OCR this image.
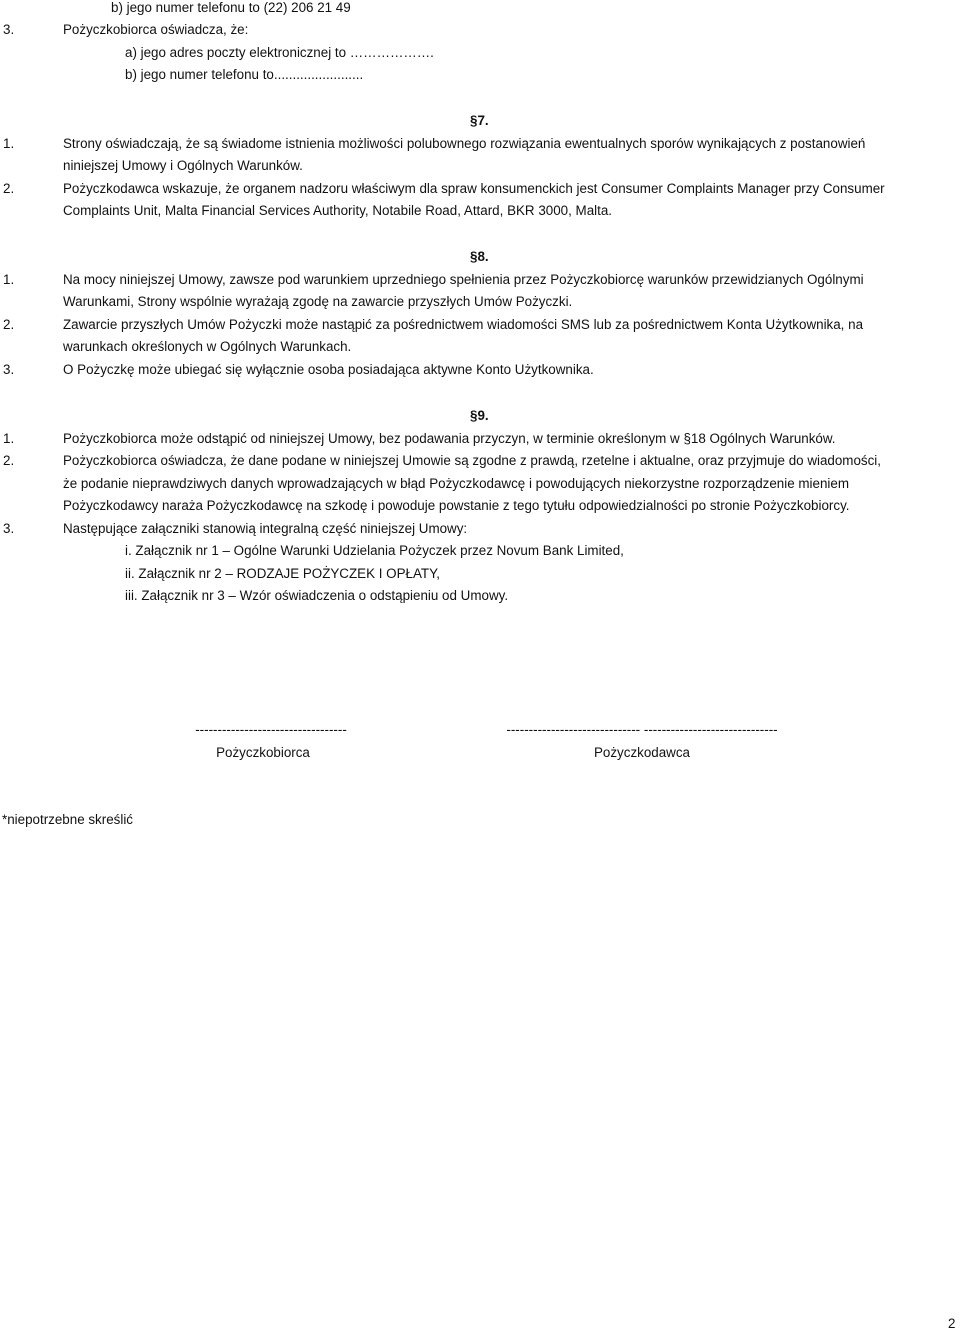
b) jego numer telefonu to (22) 206 21 49
3.	Pożyczkobiorca oświadcza, że:
a) jego adres poczty elektronicznej to ……………….
b) jego numer telefonu to........................
§7.
1.	Strony oświadczają, że są świadome istnienia możliwości polubownego rozwiązania ewentualnych sporów wynikających z postanowień
niniejszej Umowy i Ogólnych Warunków.
2.	Pożyczkodawca wskazuje, że organem nadzoru właściwym dla spraw konsumenckich jest Consumer Complaints Manager przy Consumer
Complaints Unit, Malta Financial Services Authority, Notabile Road, Attard, BKR 3000, Malta.
§8.
1.	Na mocy niniejszej Umowy, zawsze pod warunkiem uprzedniego spełnienia przez Pożyczkobiorcę warunków przewidzianych Ogólnymi
Warunkami, Strony wspólnie wyrażają zgodę na zawarcie przyszłych Umów Pożyczki.
2.	Zawarcie przyszłych Umów Pożyczki może nastąpić za pośrednictwem wiadomości SMS lub za pośrednictwem Konta Użytkownika, na
warunkach określonych w Ogólnych Warunkach.
3.	O Pożyczkę może ubiegać się wyłącznie osoba posiadająca aktywne Konto Użytkownika.
§9.
1.	Pożyczkobiorca może odstąpić od niniejszej Umowy, bez podawania przyczyn, w terminie określonym w §18 Ogólnych Warunków.
2.	Pożyczkobiorca oświadcza, że dane podane w niniejszej Umowie są zgodne z prawdą, rzetelne i aktualne, oraz przyjmuje do wiadomości,
że podanie nieprawdziwych danych wprowadzających w błąd Pożyczkodawcę i powodujących niekorzystne rozporządzenie mieniem
Pożyczkodawcy naraża Pożyczkodawcę na szkodę i powoduje powstanie z tego tytułu odpowiedzialności po stronie Pożyczkobiorcy.
3.	Następujące załączniki stanowią integralną część niniejszej Umowy:
i. Załącznik nr 1 – Ogólne Warunki Udzielania Pożyczek przez Novum Bank Limited,
ii. Załącznik nr 2 – RODZAJE POŻYCZEK I OPŁATY,
iii. Załącznik nr 3 – Wzór oświadczenia o odstąpieniu od Umowy.
----------------------------------
Pożyczkobiorca
------------------------------ ------------------------------
Pożyczkodawca
*niepotrzebne skreślić
2
